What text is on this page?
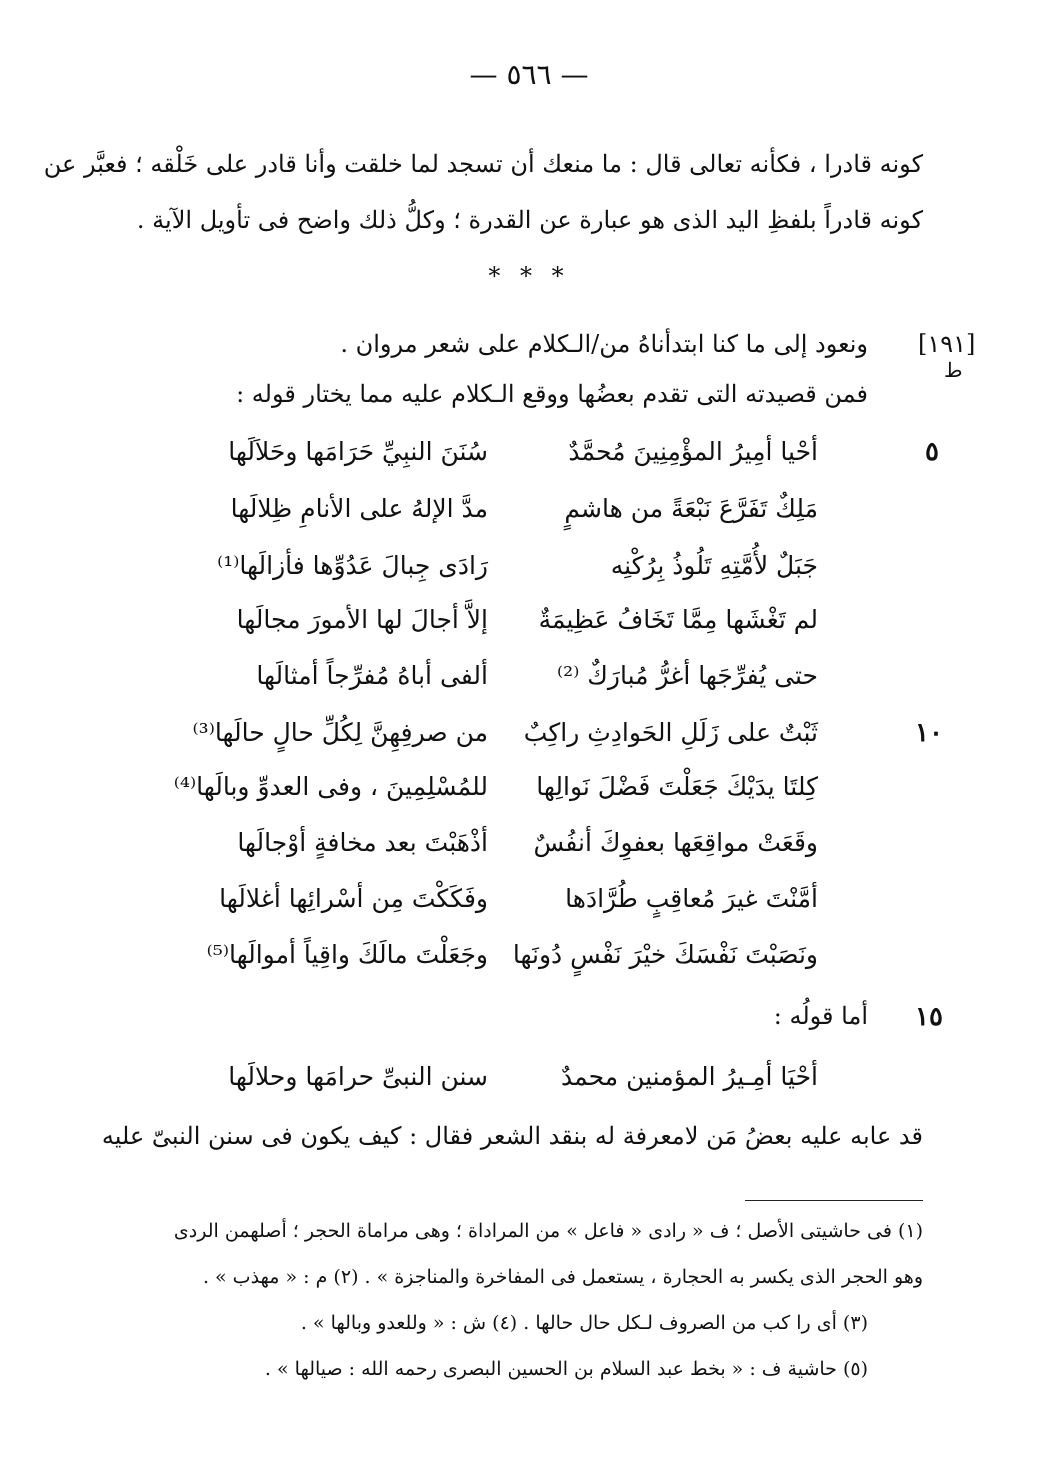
— ٥٦٦ —
كونه قادرا ، فكأنه تعالى قال : ما منعك أن تسجد لما خلقت وأنا قادر على خَلْقه ؛ فعبَّر عن
كونه قادراً بلفظِ اليد الذى هو عبارة عن القدرة ؛ وكلُّ ذلك واضح فى تأويل الآية .
* * *
[١٩١]
ط
ونعود إلى ما كنا ابتدأناهُ من/الـكلام على شعر مروان .
فمن قصيدته التى تقدم بعضُها ووقع الـكلام عليه مما يختار قوله :
٥
١٠
١٥
أحْيا أمِيرُ المؤْمِنِينَ مُحمَّدٌ
سُنَنَ النبِيِّ حَرَامَها وحَلاَلَها
مَلِكٌ تَفَرَّعَ نَبْعَةً من هاشمٍ
مدَّ الإلهُ على الأنامِ ظِلالَها
جَبَلٌ لأُمَّتِهِ تَلُوذُ بِرُكْنِه
رَادَى جِبالَ عَدُوِّها فأزالَها⁽¹⁾
لم تَغْشَها مِمَّا تَخَافُ عَظِيمَةٌ
إلاَّ أجالَ لها الأمورَ مجالَها
حتى يُفرِّجَها أغرُّ مُبارَكٌ ⁽²⁾
ألفى أباهُ مُفرِّجاً أمثالَها
ثَبْتٌ على زَلَلِ الحَوادِثِ راكِبٌ
من صرفِهِنَّ لِكُلِّ حالٍ حالَها⁽³⁾
كِلتَا يدَيْكَ جَعَلْتَ فَضْلَ نَوالِها
للمُسْلِمِينَ ، وفى العدوِّ وبالَها⁽⁴⁾
وقَعَتْ مواقِعَها بعفوِكَ أنفُسٌ
أذْهَبْتَ بعد مخافةٍ أوْجالَها
أمَّنْتَ غيرَ مُعاقِبٍ طُرَّادَها
وفَكَكْتَ مِن أسْرائِها أغلالَها
ونَصَبْتَ نَفْسَكَ خيْرَ نَفْسٍ دُونَها
وجَعَلْتَ مالَكَ واقِياً أموالَها⁽⁵⁾
أما قولُه :
أحْيَا أمِـيرُ المؤمنين محمدٌ
سنن النبىِّ حرامَها وحلالَها
قد عابه عليه بعضُ مَن لامعرفة له بنقد الشعر فقال : كيف يكون فى سنن النبىّ عليه
(١) فى حاشيتى الأصل ؛ ف « رادى « فاعل » من المراداة ؛ وهى مراماة الحجر ؛ أصلهمن الردى
وهو الحجر الذى يكسر به الحجارة ، يستعمل فى المفاخرة والمناجزة » . (٢) م : « مهذب » .
(٣) أى را كب من الصروف لـكل حال حالها . (٤) ش : « وللعدو وبالها » .
(٥) حاشية ف : « بخط عبد السلام بن الحسين البصرى رحمه الله : صيالها » .
